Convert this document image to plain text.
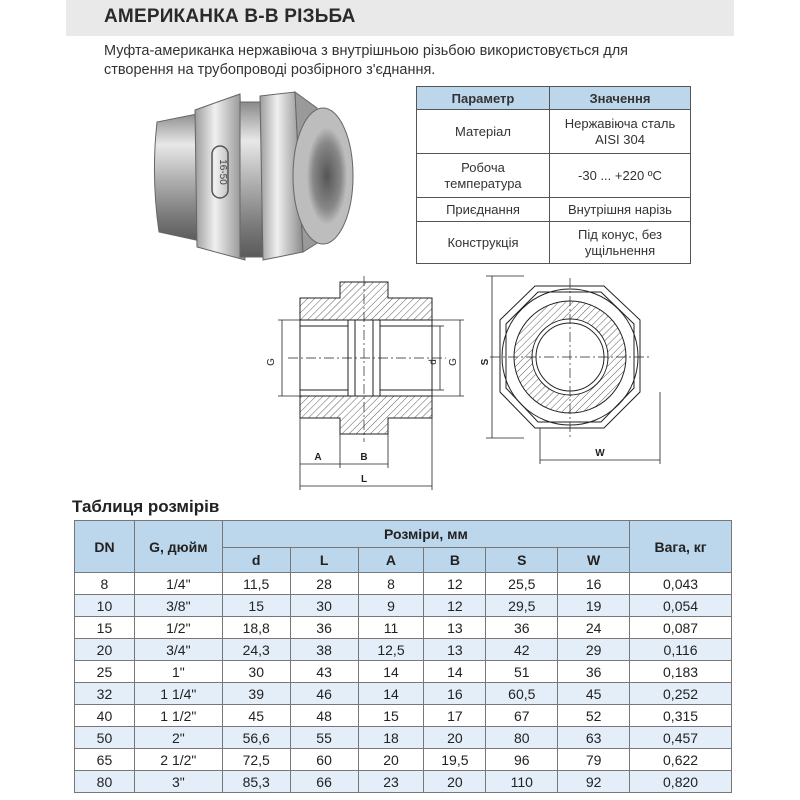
АМЕРИКАНКА В-В РІЗЬБА
Муфта-американка нержавіюча з внутрішньою різьбою використовується для створення на трубопроводі розбірного з'єднання.
16-50
Параметр	Значення
Матеріал	Нержавіюча сталь AISI 304
Робоча температура	-30 ... +220 ºС
Приєднання	Внутрішня нарізь
Конструкція	Під конус, без ущільнення
G	d G
A	B
L
S
W
Таблиця розмірів
DN	G, дюйм	Розміри, мм						Вага, кг
		d	L	A	B	S	W	
8	1/4"	11,5	28	8	12	25,5	16	0,043
10	3/8"	15	30	9	12	29,5	19	0,054
15	1/2"	18,8	36	11	13	36	24	0,087
20	3/4"	24,3	38	12,5	13	42	29	0,116
25	1"	30	43	14	14	51	36	0,183
32	1 1/4"	39	46	14	16	60,5	45	0,252
40	1 1/2"	45	48	15	17	67	52	0,315
50	2"	56,6	55	18	20	80	63	0,457
65	2 1/2"	72,5	60	20	19,5	96	79	0,622
80	3"	85,3	66	23	20	110	92	0,820
